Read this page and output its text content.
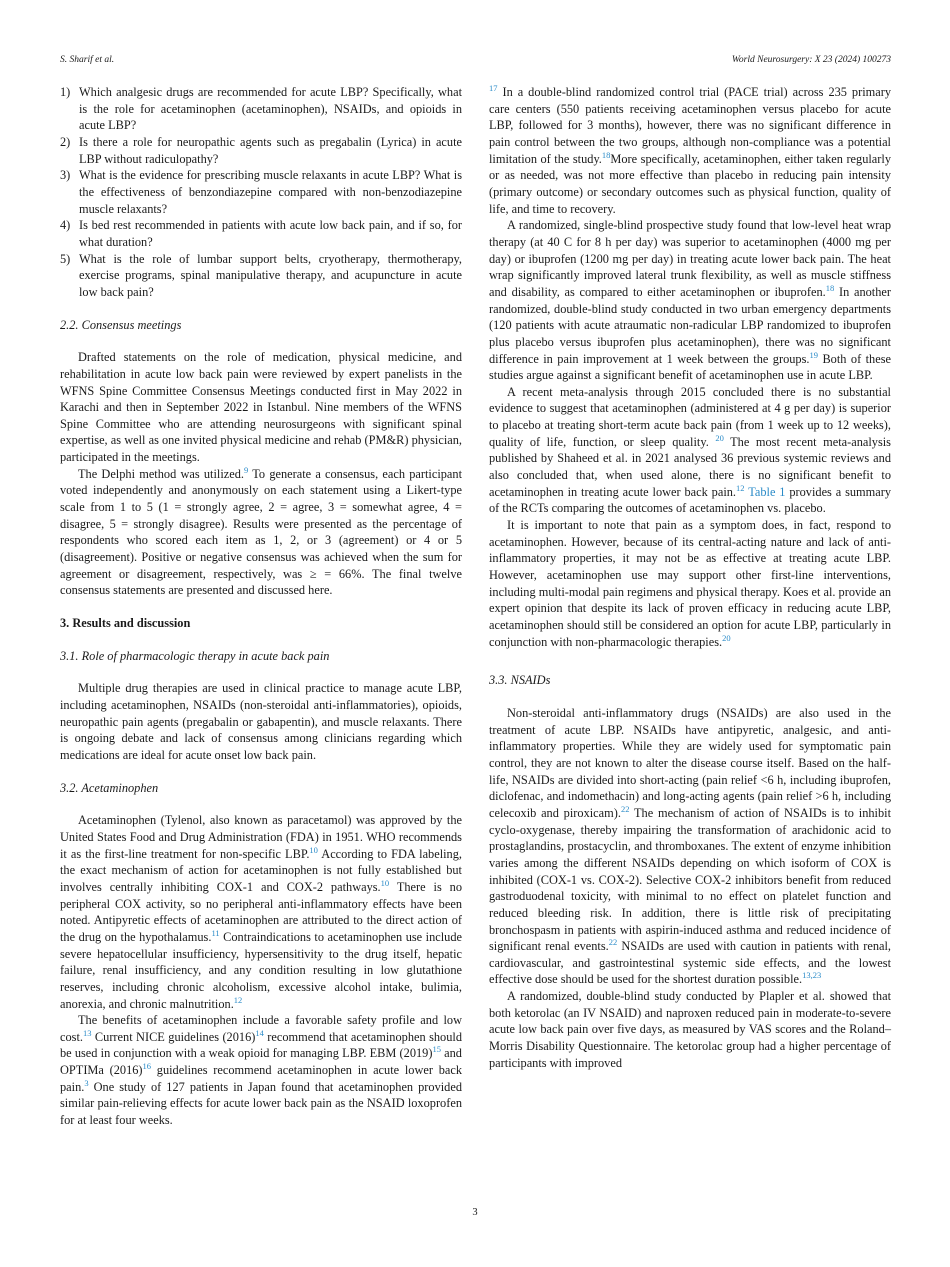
S. Sharif et al.	World Neurosurgery: X 23 (2024) 100273
1) Which analgesic drugs are recommended for acute LBP? Specifically, what is the role for acetaminophen (acetaminophen), NSAIDs, and opioids in acute LBP?
2) Is there a role for neuropathic agents such as pregabalin (Lyrica) in acute LBP without radiculopathy?
3) What is the evidence for prescribing muscle relaxants in acute LBP? What is the effectiveness of benzondiazepine compared with non-benzodiazepine muscle relaxants?
4) Is bed rest recommended in patients with acute low back pain, and if so, for what duration?
5) What is the role of lumbar support belts, cryotherapy, thermotherapy, exercise programs, spinal manipulative therapy, and acupuncture in acute low back pain?
2.2. Consensus meetings

Drafted statements on the role of medication, physical medicine, and rehabilitation in acute low back pain were reviewed by expert panelists in the WFNS Spine Committee Consensus Meetings conducted first in May 2022 in Karachi and then in September 2022 in Istanbul. Nine members of the WFNS Spine Committee who are attending neurosurgeons with significant spinal expertise, as well as one invited physical medicine and rehab (PM&R) physician, participated in the meetings.

The Delphi method was utilized.$^9$ To generate a consensus, each participant voted independently and anonymously on each statement using a Likert-type scale from 1 to 5 (1 = strongly agree, 2 = agree, 3 = somewhat agree, 4 = disagree, 5 = strongly disagree). Results were presented as the percentage of respondents who scored each item as 1, 2, or 3 (agreement) or 4 or 5 (disagreement). Positive or negative consensus was achieved when the sum for agreement or disagreement, respectively, was ≥ = 66%. The final twelve consensus statements are presented and discussed here.

3. Results and discussion
3.1. Role of pharmacologic therapy in acute back pain

Multiple drug therapies are used in clinical practice to manage acute LBP, including acetaminophen, NSAIDs (non-steroidal anti-inflammatories), opioids, neuropathic pain agents (pregabalin or gabapentin), and muscle relaxants. There is ongoing debate and lack of consensus among clinicians regarding which medications are ideal for acute onset low back pain.

3.2. Acetaminophen

Acetaminophen (Tylenol, also known as paracetamol) was approved by the United States Food and Drug Administration (FDA) in 1951. WHO recommends it as the first-line treatment for non-specific LBP.$^{10}$ According to FDA labeling, the exact mechanism of action for acetaminophen is not fully established but involves centrally inhibiting COX-1 and COX-2 pathways.$^{10}$ There is no peripheral COX activity, so no peripheral anti-inflammatory effects have been noted. Antipyretic effects of acetaminophen are attributed to the direct action of the drug on the hypothalamus.$^{11}$ Contraindications to acetaminophen use include severe hepatocellular insufficiency, hypersensitivity to the drug itself, hepatic failure, renal insufficiency, and any condition resulting in low glutathione reserves, including chronic alcoholism, excessive alcohol intake, bulimia, anorexia, and chronic malnutrition.$^{12}$

The benefits of acetaminophen include a favorable safety profile and low cost.$^{13}$ Current NICE guidelines (2016)$^{14}$ recommend that acetaminophen should be used in conjunction with a weak opioid for managing LBP. EBM (2019)$^{15}$ and OPTIMa (2016)$^{16}$ guidelines recommend acetaminophen in acute lower back pain.$^3$ One study of 127 patients in Japan found that acetaminophen provided similar pain-relieving effects for acute lower back pain as the NSAID loxoprofen for at least four weeks.

$^{17}$ In a double-blind randomized control trial (PACE trial) across 235 primary care centers (550 patients receiving acetaminophen versus placebo for acute LBP, followed for 3 months), however, there was no significant difference in pain control between the two groups, although non-compliance was a potential limitation of the study.$^{18}$More specifically, acetaminophen, either taken regularly or as needed, was not more effective than placebo in reducing pain intensity (primary outcome) or secondary outcomes such as physical function, quality of life, and time to recovery.

A randomized, single-blind prospective study found that low-level heat wrap therapy (at 40 C for 8 h per day) was superior to acetaminophen (4000 mg per day) or ibuprofen (1200 mg per day) in treating acute lower back pain. The heat wrap significantly improved lateral trunk flexibility, as well as muscle stiffness and disability, as compared to either acetaminophen or ibuprofen.$^{18}$ In another randomized, double-blind study conducted in two urban emergency departments (120 patients with acute atraumatic non-radicular LBP randomized to ibuprofen plus placebo versus ibuprofen plus acetaminophen), there was no significant difference in pain improvement at 1 week between the groups.$^{19}$ Both of these studies argue against a significant benefit of acetaminophen use in acute LBP.

A recent meta-analysis through 2015 concluded there is no substantial evidence to suggest that acetaminophen (administered at 4 g per day) is superior to placebo at treating short-term acute back pain (from 1 week up to 12 weeks), quality of life, function, or sleep quality. $^{20}$ The most recent meta-analysis published by Shaheed et al. in 2021 analysed 36 previous systemic reviews and also concluded that, when used alone, there is no significant benefit to acetaminophen in treating acute lower back pain.$^{12}$ Table 1 provides a summary of the RCTs comparing the outcomes of acetaminophen vs. placebo.

It is important to note that pain as a symptom does, in fact, respond to acetaminophen. However, because of its central-acting nature and lack of anti-inflammatory properties, it may not be as effective at treating acute LBP. However, acetaminophen use may support other first-line interventions, including multi-modal pain regimens and physical therapy. Koes et al. provide an expert opinion that despite its lack of proven efficacy in reducing acute LBP, acetaminophen should still be considered an option for acute LBP, particularly in conjunction with non-pharmacologic therapies.$^{20}$

3.3. NSAIDs

Non-steroidal anti-inflammatory drugs (NSAIDs) are also used in the treatment of acute LBP. NSAIDs have antipyretic, analgesic, and anti-inflammatory properties. While they are widely used for symptomatic pain control, they are not known to alter the disease course itself. Based on the half-life, NSAIDs are divided into short-acting (pain relief <6 h, including ibuprofen, diclofenac, and indomethacin) and long-acting agents (pain relief >6 h, including celecoxib and piroxicam).$^{22}$ The mechanism of action of NSAIDs is to inhibit cyclo-oxygenase, thereby impairing the transformation of arachidonic acid to prostaglandins, prostacyclin, and thromboxanes. The extent of enzyme inhibition varies among the different NSAIDs depending on which isoform of COX is inhibited (COX-1 vs. COX-2). Selective COX-2 inhibitors benefit from reduced gastroduodenal toxicity, with minimal to no effect on platelet function and reduced bleeding risk. In addition, there is little risk of precipitating bronchospasm in patients with aspirin-induced asthma and reduced incidence of significant renal events.$^{22}$ NSAIDs are used with caution in patients with renal, cardiovascular, and gastrointestinal systemic side effects, and the lowest effective dose should be used for the shortest duration possible.$^{13,23}$

A randomized, double-blind study conducted by Plapler et al. showed that both ketorolac (an IV NSAID) and naproxen reduced pain in moderate-to-severe acute low back pain over five days, as measured by VAS scores and the Roland–Morris Disability Questionnaire. The ketorolac group had a higher percentage of participants with improved

3
